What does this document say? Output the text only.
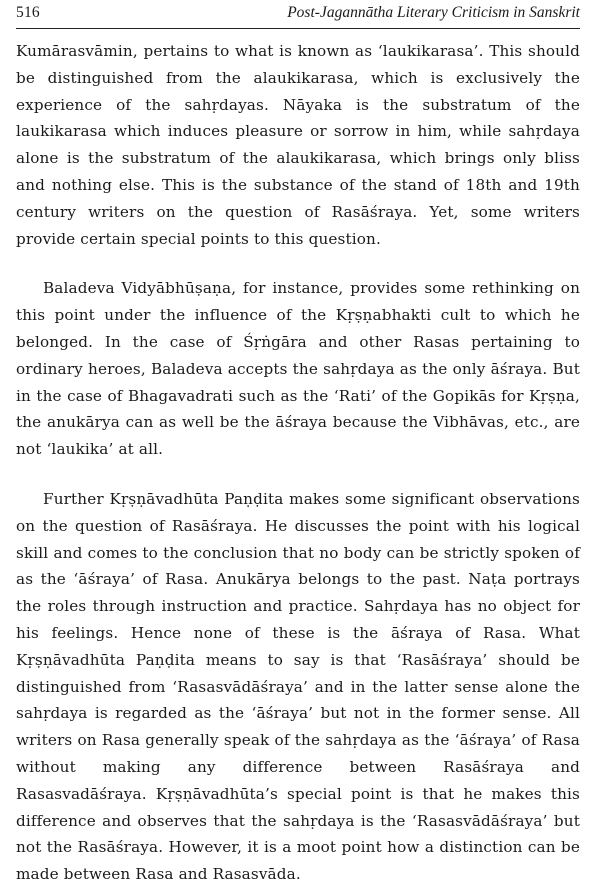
516	Post-Jagannātha Literary Criticism in Sanskrit

Kumārasvāmin, pertains to what is known as ‘laukikarasa’. This should be distinguished from the alaukikarasa, which is exclusively the experience of the sahṛdayas. Nāyaka is the substratum of the laukikarasa which induces pleasure or sorrow in him, while sahṛdaya alone is the substratum of the alaukikarasa, which brings only bliss and nothing else. This is the substance of the stand of 18th and 19th century writers on the question of Rasāśraya. Yet, some writers provide certain special points to this question.

Baladeva Vidyābhūṣaṇa, for instance, provides some rethinking on this point under the influence of the Kṛṣṇabhakti cult to which he belonged. In the case of Śṛṅgāra and other Rasas pertaining to ordinary heroes, Baladeva accepts the sahṛdaya as the only āśraya. But in the case of Bhagavadrati such as the ‘Rati’ of the Gopikās for Kṛṣṇa, the anukārya can as well be the āśraya because the Vibhāvas, etc., are not ‘laukika’ at all.

Further Kṛṣṇāvadhūta Paṇḍita makes some significant observations on the question of Rasāśraya. He discusses the point with his logical skill and comes to the conclusion that no body can be strictly spoken of as the ‘āśraya’ of Rasa. Anukārya belongs to the past. Naṭa portrays the roles through instruction and practice. Sahṛdaya has no object for his feelings. Hence none of these is the āśraya of Rasa. What Kṛṣṇāvadhūta Paṇḍita means to say is that ‘Rasāśraya’ should be distinguished from ‘Rasasvādāśraya’ and in the latter sense alone the sahṛdaya is regarded as the ‘āśraya’ but not in the former sense. All writers on Rasa generally speak of the sahṛdaya as the ‘āśraya’ of Rasa without making any difference between Rasāśraya and Rasasvadāśraya. Kṛṣṇāvadhūta’s special point is that he makes this difference and observes that the sahṛdaya is the ‘Rasasvādāśraya’ but not the Rasāśraya. However, it is a moot point how a distinction can be made between Rasa and Rasasvāda.
